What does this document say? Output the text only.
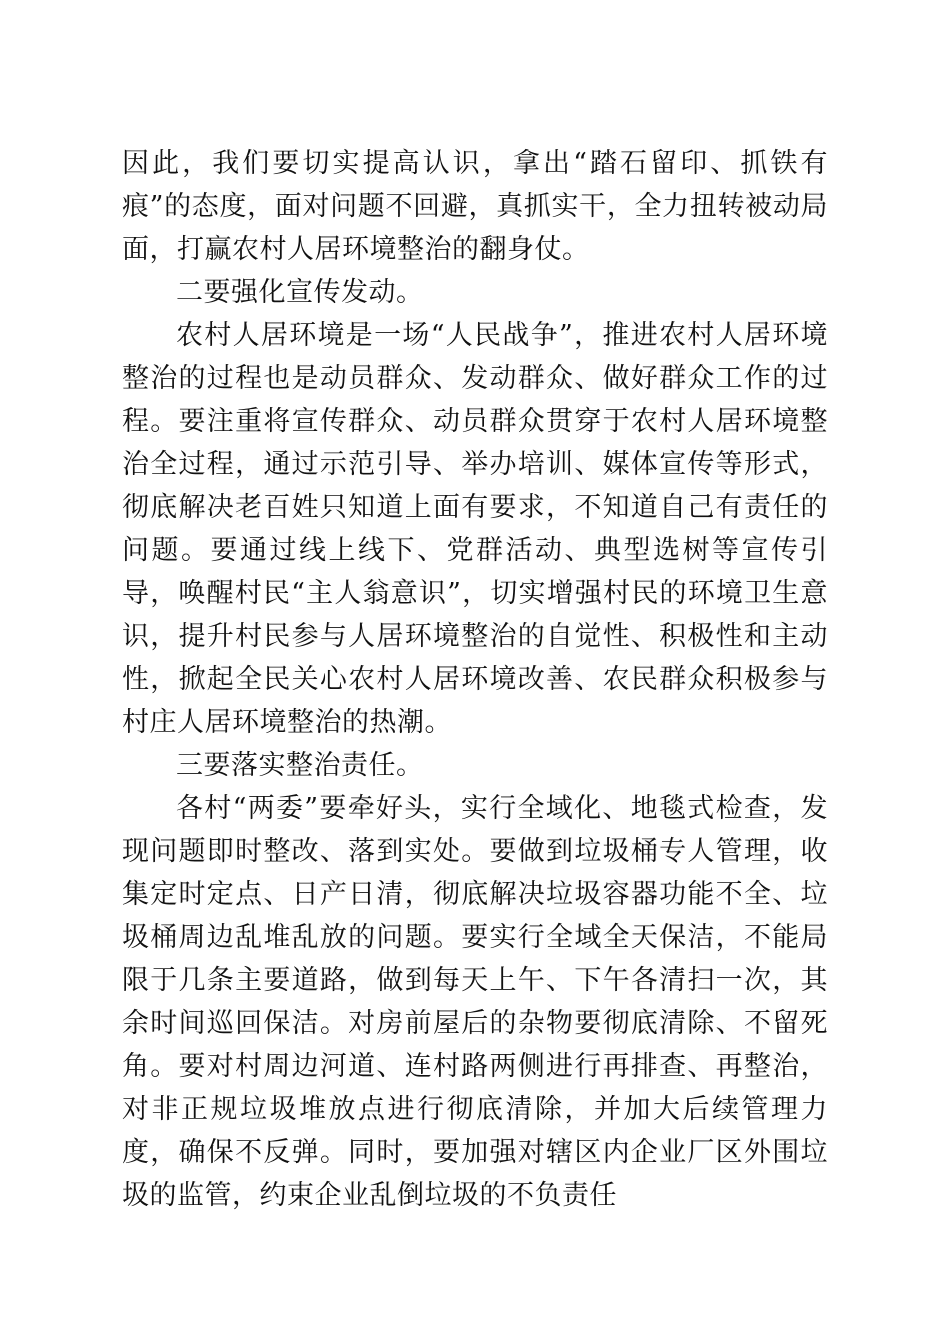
因此，我们要切实提高认识，拿出“踏石留印、抓铁有痕”的态度，面对问题不回避，真抓实干，全力扭转被动局面，打赢农村人居环境整治的翻身仗。

二要强化宣传发动。

农村人居环境是一场“人民战争”，推进农村人居环境整治的过程也是动员群众、发动群众、做好群众工作的过程。要注重将宣传群众、动员群众贯穿于农村人居环境整治全过程，通过示范引导、举办培训、媒体宣传等形式，彻底解决老百姓只知道上面有要求，不知道自己有责任的问题。要通过线上线下、党群活动、典型选树等宣传引导，唤醒村民“主人翁意识”，切实增强村民的环境卫生意识，提升村民参与人居环境整治的自觉性、积极性和主动性，掀起全民关心农村人居环境改善、农民群众积极参与村庄人居环境整治的热潮。

三要落实整治责任。

各村“两委”要牵好头，实行全域化、地毯式检查，发现问题即时整改、落到实处。要做到垃圾桶专人管理，收集定时定点、日产日清，彻底解决垃圾容器功能不全、垃圾桶周边乱堆乱放的问题。要实行全域全天保洁，不能局限于几条主要道路，做到每天上午、下午各清扫一次，其余时间巡回保洁。对房前屋后的杂物要彻底清除、不留死角。要对村周边河道、连村路两侧进行再排查、再整治，对非正规垃圾堆放点进行彻底清除，并加大后续管理力度，确保不反弹。同时，要加强对辖区内企业厂区外围垃圾的监管，约束企业乱倒垃圾的不负责任
